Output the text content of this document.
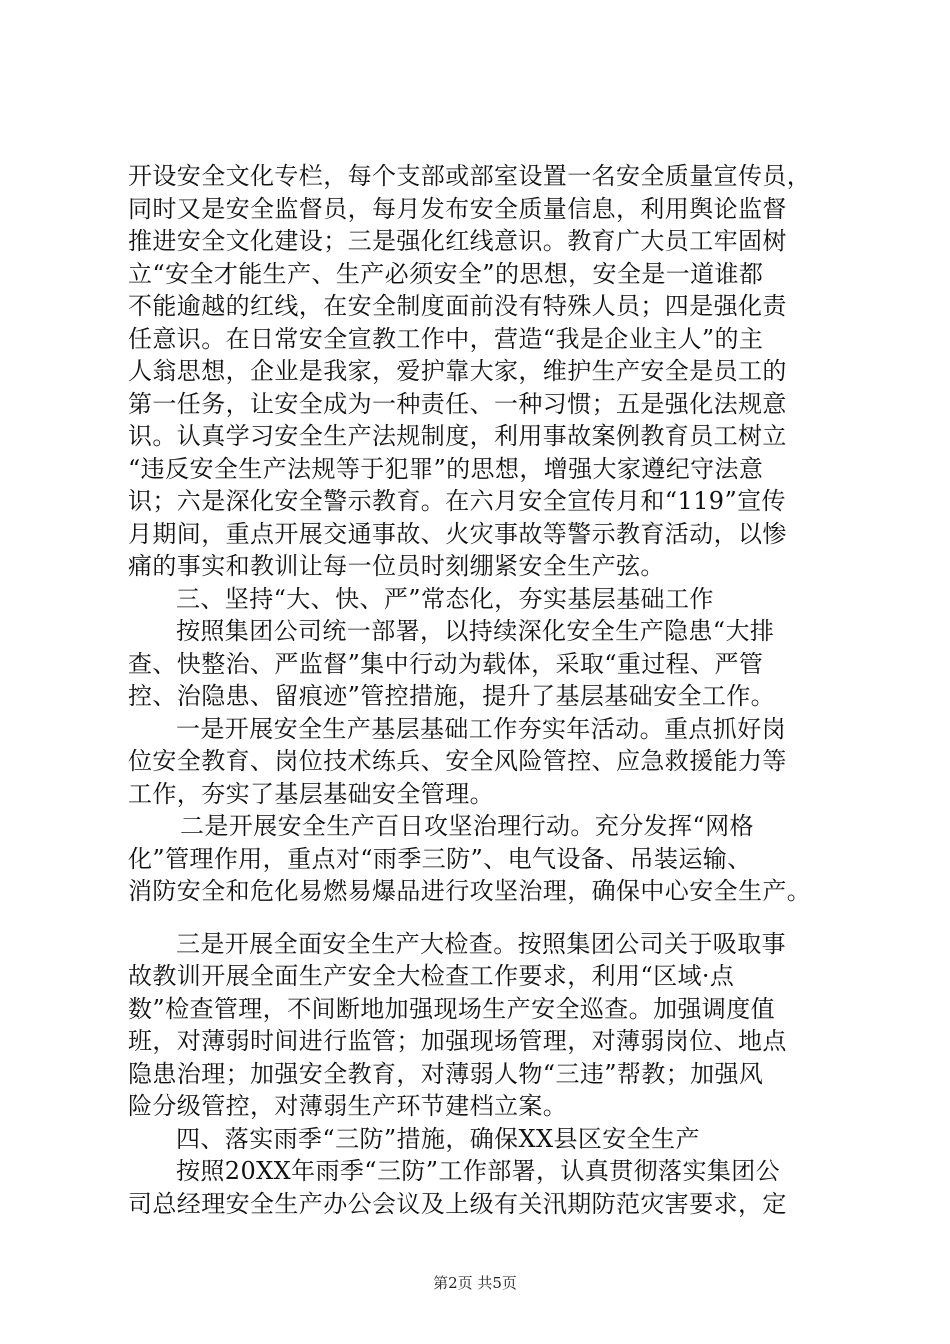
开设安全文化专栏，每个支部或部室设置一名安全质量宣传员，
同时又是安全监督员，每月发布安全质量信息，利用舆论监督
推进安全文化建设；三是强化红线意识。教育广大员工牢固树
立“安全才能生产、生产必须安全”的思想，安全是一道谁都
不能逾越的红线，在安全制度面前没有特殊人员；四是强化责
任意识。在日常安全宣教工作中，营造“我是企业主人”的主
人翁思想，企业是我家，爱护靠大家，维护生产安全是员工的
第一任务，让安全成为一种责任、一种习惯；五是强化法规意
识。认真学习安全生产法规制度，利用事故案例教育员工树立
“违反安全生产法规等于犯罪”的思想，增强大家遵纪守法意
识；六是深化安全警示教育。在六月安全宣传月和“119”宣传
月期间，重点开展交通事故、火灾事故等警示教育活动，以惨
痛的事实和教训让每一位员时刻绷紧安全生产弦。
三、坚持“大、快、严”常态化，夯实基层基础工作
按照集团公司统一部署，以持续深化安全生产隐患“大排
查、快整治、严监督”集中行动为载体，采取“重过程、严管
控、治隐患、留痕迹”管控措施，提升了基层基础安全工作。
一是开展安全生产基层基础工作夯实年活动。重点抓好岗
位安全教育、岗位技术练兵、安全风险管控、应急救援能力等
工作，夯实了基层基础安全管理。
二是开展安全生产百日攻坚治理行动。充分发挥“网格
化”管理作用，重点对“雨季三防”、电气设备、吊装运输、
消防安全和危化易燃易爆品进行攻坚治理，确保中心安全生产。
三是开展全面安全生产大检查。按照集团公司关于吸取事
故教训开展全面生产安全大检查工作要求，利用“区域·点
数”检查管理，不间断地加强现场生产安全巡查。加强调度值
班，对薄弱时间进行监管；加强现场管理，对薄弱岗位、地点
隐患治理；加强安全教育，对薄弱人物“三违”帮教；加强风
险分级管控，对薄弱生产环节建档立案。
四、落实雨季“三防”措施，确保XX县区安全生产
按照20XX年雨季“三防”工作部署，认真贯彻落实集团公
司总经理安全生产办公会议及上级有关汛期防范灾害要求，定
第2页 共5页
